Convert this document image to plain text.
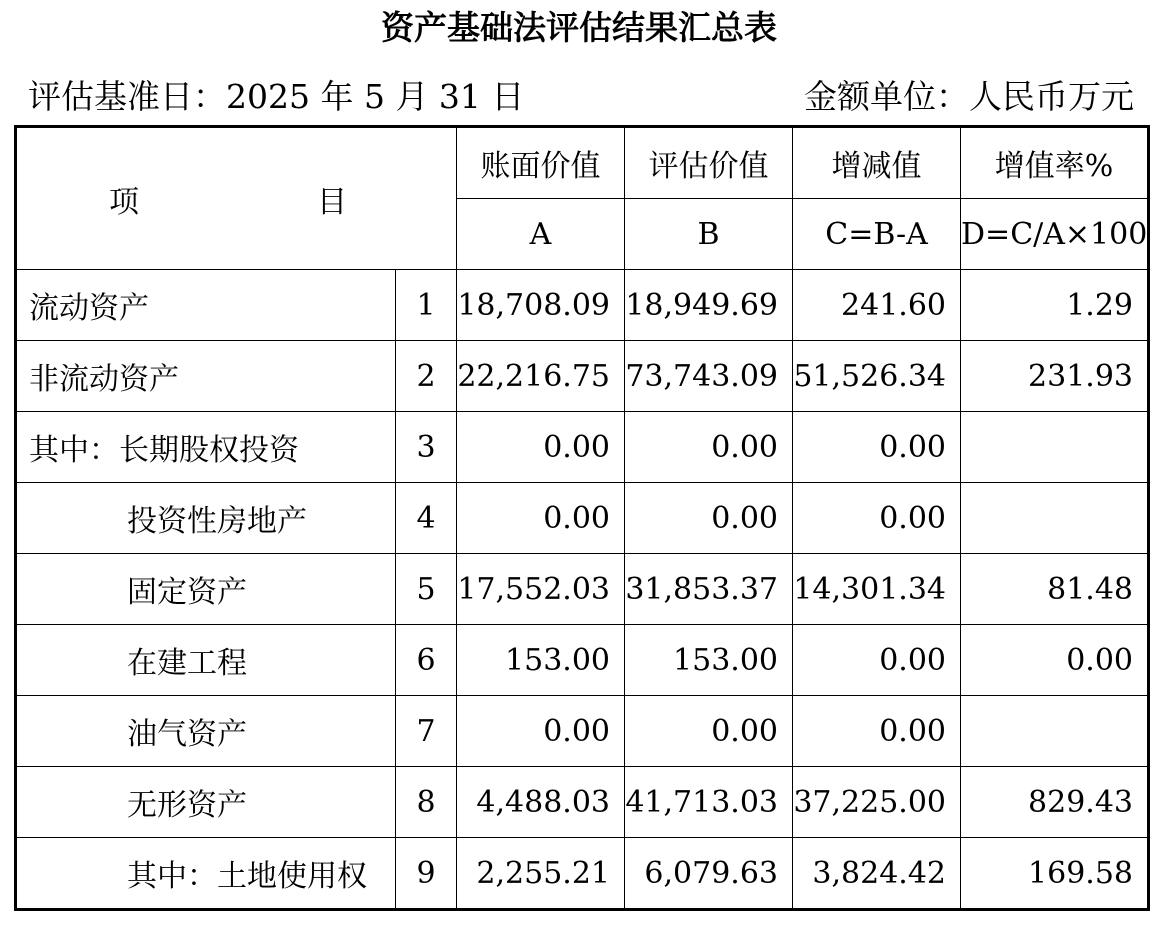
资产基础法评估结果汇总表
评估基准日：2025 年 5 月 31 日	金额单位：人民币万元
项 目		账面价值	评估价值	增减值	增值率%
		A	B	C=B-A	D=C/A×100
流动资产	1	18,708.09	18,949.69	241.60	1.29
非流动资产	2	22,216.75	73,743.09	51,526.34	231.93
其中：长期股权投资	3	0.00	0.00	0.00	
投资性房地产	4	0.00	0.00	0.00	
固定资产	5	17,552.03	31,853.37	14,301.34	81.48
在建工程	6	153.00	153.00	0.00	0.00
油气资产	7	0.00	0.00	0.00	
无形资产	8	4,488.03	41,713.03	37,225.00	829.43
其中：土地使用权	9	2,255.21	6,079.63	3,824.42	169.58
